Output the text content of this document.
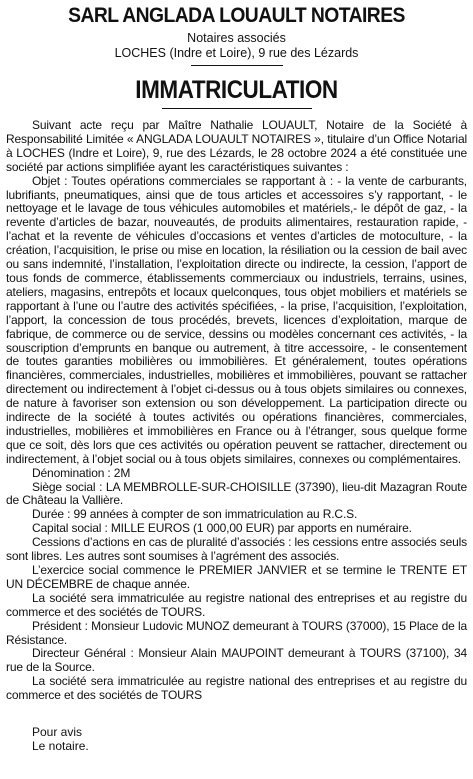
SARL ANGLADA LOUAULT NOTAIRES

Notaires associés

LOCHES (Indre et Loire), 9 rue des Lézards

IMMATRICULATION

Suivant acte reçu par Maître Nathalie LOUAULT, Notaire de la Société à Responsabilité Limitée « ANGLADA LOUAULT NOTAIRES », titulaire d’un Office Notarial à LOCHES (Indre et Loire), 9, rue des Lézards, le 28 octobre 2024 a été constituée une société par actions simplifiée ayant les caractéristiques suivantes :

Objet : Toutes opérations commerciales se rapportant à : - la vente de carburants, lubrifiants, pneumatiques, ainsi que de tous articles et accessoires s’y rapportant, - le nettoyage et le lavage de tous véhicules automobiles et matériels,- le dépôt de gaz, - la revente d’articles de bazar, nouveautés, de produits alimentaires, restauration rapide, - l’achat et la revente de véhicules d’occasions et ventes d’articles de motoculture, - la création, l’acquisition, le prise ou mise en location, la résiliation ou la cession de bail avec ou sans indemnité, l’installation, l’exploitation directe ou indirecte, la cession, l’apport de tous fonds de commerce, établissements commerciaux ou industriels, terrains, usines, ateliers, magasins, entrepôts et locaux quelconques, tous objet mobiliers et matériels se rapportant à l’une ou l’autre des activités spécifiées, - la prise, l’acquisition, l’exploitation, l’apport, la concession de tous procédés, brevets, licences d’exploitation, marque de fabrique, de commerce ou de service, dessins ou modèles concernant ces activités, - la souscription d’emprunts en banque ou autrement, à titre accessoire, - le consentement de toutes garanties mobilières ou immobilières. Et généralement, toutes opérations financières, commerciales, industrielles, mobilières et immobilières, pouvant se rattacher directement ou indirectement à l’objet ci-dessus ou à tous objets similaires ou connexes, de nature à favoriser son extension ou son développement. La participation directe ou indirecte de la société à toutes activités ou opérations financières, commerciales, industrielles, mobilières et immobilières en France ou à l’étranger, sous quelque forme que ce soit, dès lors que ces activités ou opération peuvent se rattacher, directement ou indirectement, à l’objet social ou à tous objets similaires, connexes ou complémentaires.

Dénomination : 2M

Siège social : LA MEMBROLLE-SUR-CHOISILLE (37390), lieu-dit Mazagran Route de Château la Vallière.

Durée : 99 années à compter de son immatriculation au R.C.S.

Capital social : MILLE EUROS (1 000,00 EUR) par apports en numéraire.

Cessions d’actions en cas de pluralité d’associés : les cessions entre associés seuls sont libres. Les autres sont soumises à l’agrément des associés.

L’exercice social commence le PREMIER JANVIER et se termine le TRENTE ET UN DÉCEMBRE de chaque année.

La société sera immatriculée au registre national des entreprises et au registre du commerce et des sociétés de TOURS.

Président : Monsieur Ludovic MUNOZ demeurant à TOURS (37000), 15 Place de la Résistance.

Directeur Général : Monsieur Alain MAUPOINT demeurant à TOURS (37100), 34 rue de la Source.

La société sera immatriculée au registre national des entreprises et au registre du commerce et des sociétés de TOURS

Pour avis
Le notaire.
